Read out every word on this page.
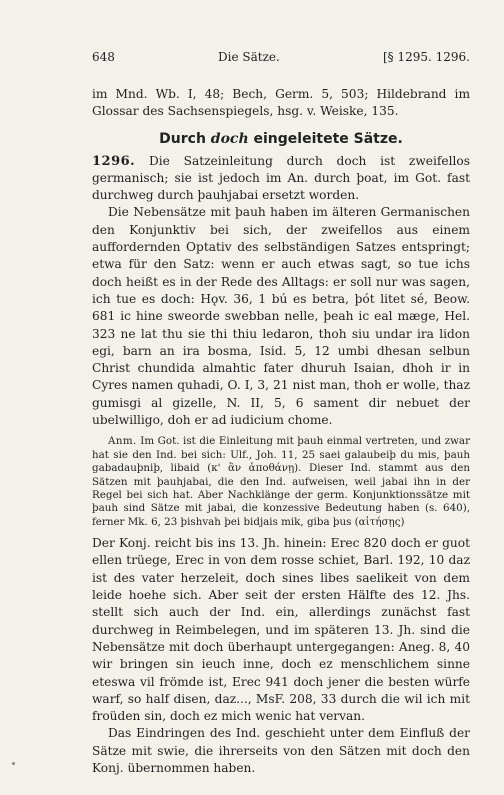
648	Die Sätze.	[§ 1295. 1296.

im Mnd. Wb. I, 48; Bech, Germ. 5, 503; Hildebrand im Glossar des Sachsenspiegels, hsg. v. Weiske, 135.

Durch doch eingeleitete Sätze.

1296. Die Satzeinleitung durch doch ist zweifellos germanisch; sie ist jedoch im An. durch þoat, im Got. fast durchweg durch þauhjabai ersetzt worden.

Die Nebensätze mit þauh haben im älteren Germanischen den Konjunktiv bei sich, der zweifellos aus einem auffordernden Optativ des selbständigen Satzes entspringt; etwa für den Satz: wenn er auch etwas sagt, so tue ichs doch heißt es in der Rede des Alltags: er soll nur was sagen, ich tue es doch: Hǫv. 36, 1 bú es betra, þót litet sé, Beow. 681 ic hine sweorde swebban nelle, þeah ic eal mæge, Hel. 323 ne lat thu sie thi thiu ledaron, thoh siu undar ira lidon egi, barn an ira bosma, Isid. 5, 12 umbi dhesan selbun Christ chundida almahtic fater dhuruh Isaian, dhoh ir in Cyres namen quhadi, O. I, 3, 21 nist man, thoh er wolle, thaz gumisgi al gizelle, N. II, 5, 6 sament dir nebuet der ubelwilligo, doh er ad iudicium chome.

Anm. Im Got. ist die Einleitung mit þauh einmal vertreten, und zwar hat sie den Ind. bei sich: Ulf., Joh. 11, 25 saei galaubeiþ du mis, þauh gabadauþniþ, libaid (κ' ἂν ἀποθάνῃ). Dieser Ind. stammt aus den Sätzen mit þauhjabai, die den Ind. aufweisen, weil jabai ihn in der Regel bei sich hat. Aber Nachklänge der germ. Konjunktionssätze mit þauh sind Sätze mit jabai, die konzessive Bedeutung haben (s. 640), ferner Mk. 6, 23 þishvah þei bidjais mik, giba þus (αἰτήσῃς)

Der Konj. reicht bis ins 13. Jh. hinein: Erec 820 doch er guot ellen trüege, Erec in von dem rosse schiet, Barl. 192, 10 daz ist des vater herzeleit, doch sines libes saelikeit von dem leide hoehe sich. Aber seit der ersten Hälfte des 12. Jhs. stellt sich auch der Ind. ein, allerdings zunächst fast durchweg in Reimbelegen, und im späteren 13. Jh. sind die Nebensätze mit doch überhaupt untergegangen: Aneg. 8, 40 wir bringen sin ieuch inne, doch ez menschlichem sinne eteswa vil frömde ist, Erec 941 doch jener die besten würfe warf, so half disen, daz..., MsF. 208, 33 durch die wil ich mit froüden sin, doch ez mich wenic hat vervan.

Das Eindringen des Ind. geschieht unter dem Einfluß der Sätze mit swie, die ihrerseits von den Sätzen mit doch den Konj. übernommen haben.
